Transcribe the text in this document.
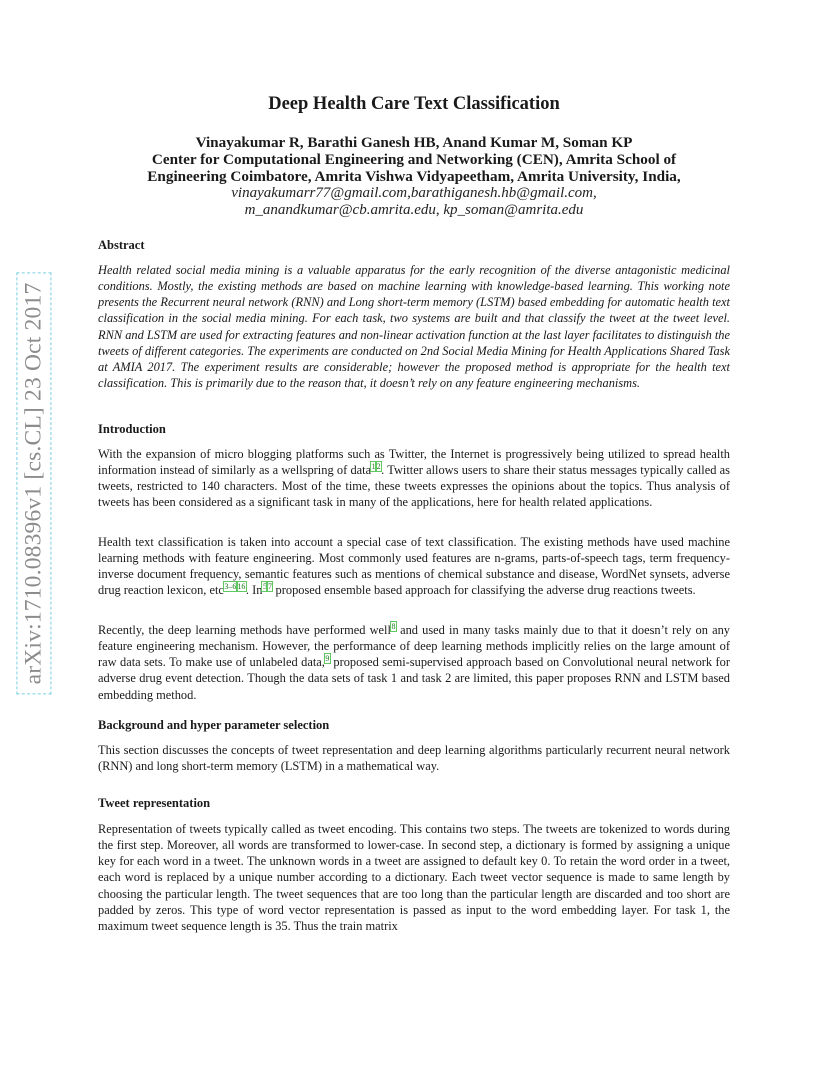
arXiv:1710.08396v1 [cs.CL] 23 Oct 2017
Deep Health Care Text Classification
Vinayakumar R, Barathi Ganesh HB, Anand Kumar M, Soman KP
Center for Computational Engineering and Networking (CEN), Amrita School of
Engineering Coimbatore, Amrita Vishwa Vidyapeetham, Amrita University, India,
vinayakumarr77@gmail.com,barathiganesh.hb@gmail.com,
m_anandkumar@cb.amrita.edu, kp_soman@amrita.edu
Abstract

Health related social media mining is a valuable apparatus for the early recognition of the diverse antagonistic medicinal conditions. Mostly, the existing methods are based on machine learning with knowledge-based learning. This working note presents the Recurrent neural network (RNN) and Long short-term memory (LSTM) based embedding for automatic health text classification in the social media mining. For each task, two systems are built and that classify the tweet at the tweet level. RNN and LSTM are used for extracting features and non-linear activation function at the last layer facilitates to distinguish the tweets of different categories. The experiments are conducted on 2nd Social Media Mining for Health Applications Shared Task at AMIA 2017. The experiment results are considerable; however the proposed method is appropriate for the health text classification. This is primarily due to the reason that, it doesn’t rely on any feature engineering mechanisms.

Introduction

With the expansion of micro blogging platforms such as Twitter, the Internet is progressively being utilized to spread health information instead of similarly as a wellspring of data$^{12}$. Twitter allows users to share their status messages typically called as tweets, restricted to 140 characters. Most of the time, these tweets expresses the opinions about the topics. Thus analysis of tweets has been considered as a significant task in many of the applications, here for health related applications.

Health text classification is taken into account a special case of text classification. The existing methods have used machine learning methods with feature engineering. Most commonly used features are n-grams, parts-of-speech tags, term frequency-inverse document frequency, semantic features such as mentions of chemical substance and disease, WordNet synsets, adverse drug reaction lexicon, etc$^{3-616}$. In$^{57}$ proposed ensemble based approach for classifying the adverse drug reactions tweets.

Recently, the deep learning methods have performed well$^8$ and used in many tasks mainly due to that it doesn’t rely on any feature engineering mechanism. However, the performance of deep learning methods implicitly relies on the large amount of raw data sets. To make use of unlabeled data,$^9$ proposed semi-supervised approach based on Convolutional neural network for adverse drug event detection. Though the data sets of task 1 and task 2 are limited, this paper proposes RNN and LSTM based embedding method.

Background and hyper parameter selection

This section discusses the concepts of tweet representation and deep learning algorithms particularly recurrent neural network (RNN) and long short-term memory (LSTM) in a mathematical way.

Tweet representation

Representation of tweets typically called as tweet encoding. This contains two steps. The tweets are tokenized to words during the first step. Moreover, all words are transformed to lower-case. In second step, a dictionary is formed by assigning a unique key for each word in a tweet. The unknown words in a tweet are assigned to default key 0. To retain the word order in a tweet, each word is replaced by a unique number according to a dictionary. Each tweet vector sequence is made to same length by choosing the particular length. The tweet sequences that are too long than the particular length are discarded and too short are padded by zeros. This type of word vector representation is passed as input to the word embedding layer. For task 1, the maximum tweet sequence length is 35. Thus the train matrix
